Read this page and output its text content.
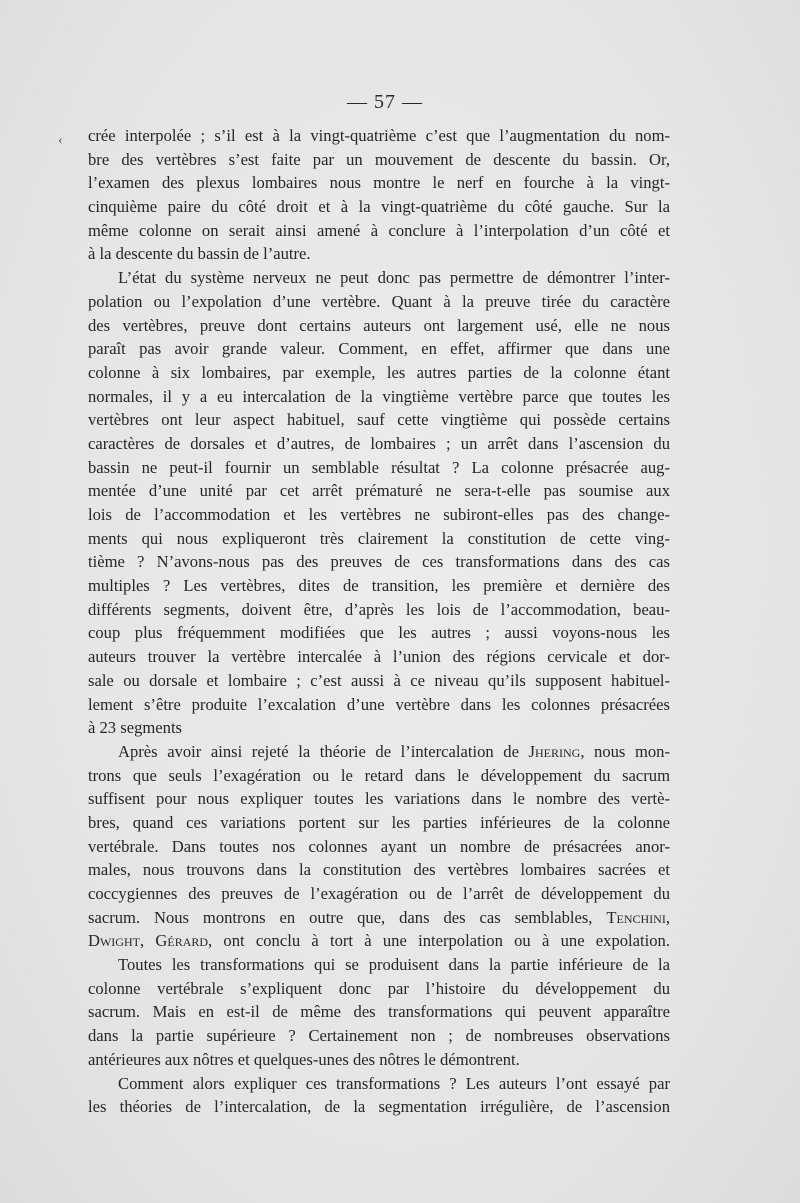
— 57 —
‹ crée interpolée ; s’il est à la vingt-quatrième c’est que l’augmentation du nom-
bre des vertèbres s’est faite par un mouvement de descente du bassin. Or,
l’examen des plexus lombaires nous montre le nerf en fourche à la vingt-
cinquième paire du côté droit et à la vingt-quatrième du côté gauche. Sur la
même colonne on serait ainsi amené à conclure à l’interpolation d’un côté et
à la descente du bassin de l’autre.
L’état du système nerveux ne peut donc pas permettre de démontrer l’inter-
polation ou l’expolation d’une vertèbre. Quant à la preuve tirée du caractère
des vertèbres, preuve dont certains auteurs ont largement usé, elle ne nous
paraît pas avoir grande valeur. Comment, en effet, affirmer que dans une
colonne à six lombaires, par exemple, les autres parties de la colonne étant
normales, il y a eu intercalation de la vingtième vertèbre parce que toutes les
vertèbres ont leur aspect habituel, sauf cette vingtième qui possède certains
caractères de dorsales et d’autres, de lombaires ; un arrêt dans l’ascension du
bassin ne peut-il fournir un semblable résultat ? La colonne présacrée aug-
mentée d’une unité par cet arrêt prématuré ne sera-t-elle pas soumise aux
lois de l’accommodation et les vertèbres ne subiront-elles pas des change-
ments qui nous expliqueront très clairement la constitution de cette ving-
tième ? N’avons-nous pas des preuves de ces transformations dans des cas
multiples ? Les vertèbres, dites de transition, les première et dernière des
différents segments, doivent être, d’après les lois de l’accommodation, beau-
coup plus fréquemment modifiées que les autres ; aussi voyons-nous les
auteurs trouver la vertèbre intercalée à l’union des régions cervicale et dor-
sale ou dorsale et lombaire ; c’est aussi à ce niveau qu’ils supposent habituel-
lement s’être produite l’excalation d’une vertèbre dans les colonnes présacrées
à 23 segments
Après avoir ainsi rejeté la théorie de l’intercalation de Jhering, nous mon-
trons que seuls l’exagération ou le retard dans le développement du sacrum
suffisent pour nous expliquer toutes les variations dans le nombre des vertè-
bres, quand ces variations portent sur les parties inférieures de la colonne
vertébrale. Dans toutes nos colonnes ayant un nombre de présacrées anor-
males, nous trouvons dans la constitution des vertèbres lombaires sacrées et
coccygiennes des preuves de l’exagération ou de l’arrêt de développement du
sacrum. Nous montrons en outre que, dans des cas semblables, Tenchini,
Dwight, Gérard, ont conclu à tort à une interpolation ou à une expolation.
Toutes les transformations qui se produisent dans la partie inférieure de la
colonne vertébrale s’expliquent donc par l’histoire du développement du
sacrum. Mais en est-il de même des transformations qui peuvent apparaître
dans la partie supérieure ? Certainement non ; de nombreuses observations
antérieures aux nôtres et quelques-unes des nôtres le démontrent.
Comment alors expliquer ces transformations ? Les auteurs l’ont essayé par
les théories de l’intercalation, de la segmentation irrégulière, de l’ascension
